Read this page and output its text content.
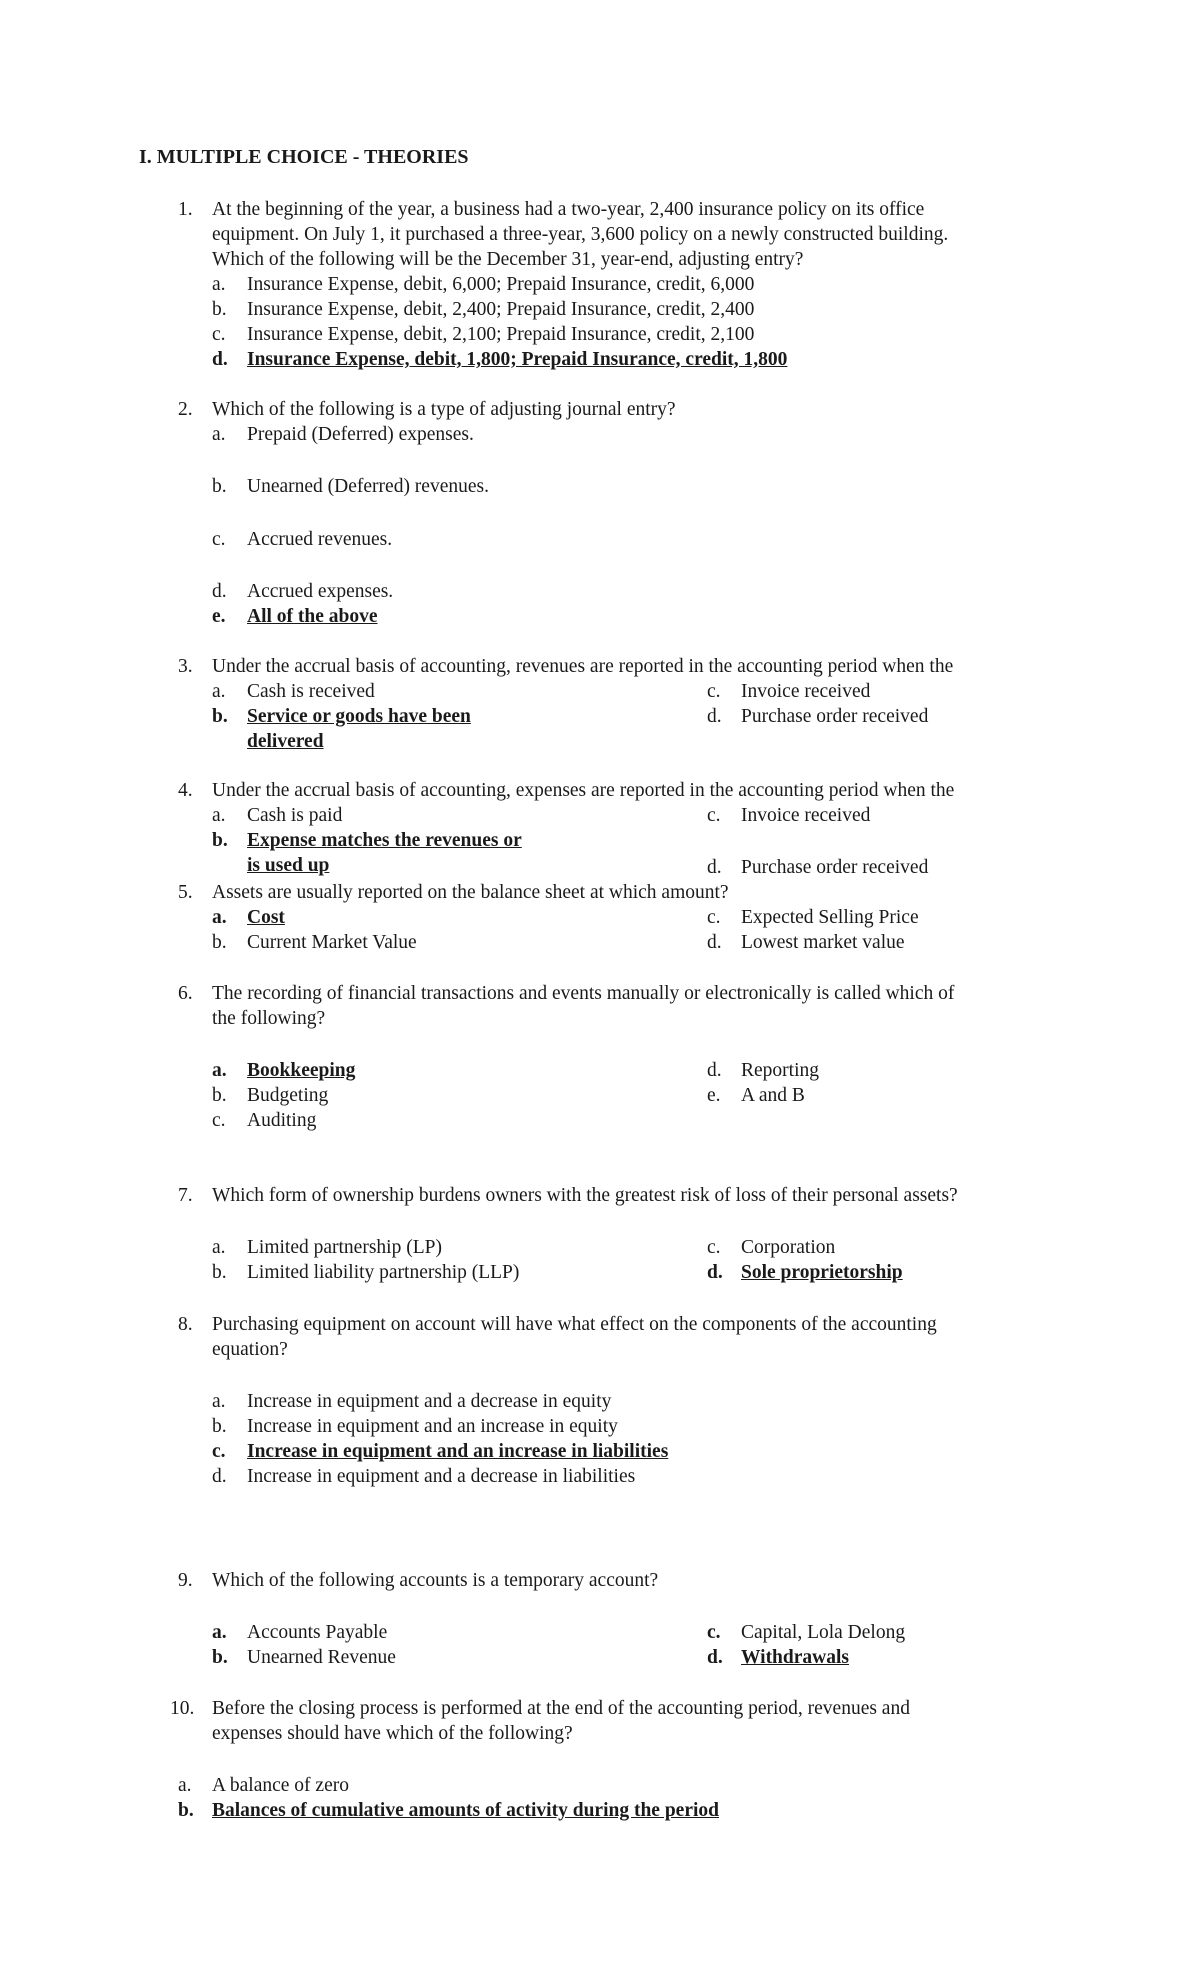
I. MULTIPLE CHOICE - THEORIES
1. At the beginning of the year, a business had a two-year, 2,400 insurance policy on its office
equipment. On July 1, it purchased a three-year, 3,600 policy on a newly constructed building.
Which of the following will be the December 31, year-end, adjusting entry?
a. Insurance Expense, debit, 6,000; Prepaid Insurance, credit, 6,000
b. Insurance Expense, debit, 2,400; Prepaid Insurance, credit, 2,400
c. Insurance Expense, debit, 2,100; Prepaid Insurance, credit, 2,100
d. Insurance Expense, debit, 1,800; Prepaid Insurance, credit, 1,800
2. Which of the following is a type of adjusting journal entry?
a. Prepaid (Deferred) expenses.
b. Unearned (Deferred) revenues.
c. Accrued revenues.
d. Accrued expenses.
e. All of the above
3. Under the accrual basis of accounting, revenues are reported in the accounting period when the
a. Cash is received	c. Invoice received
b. Service or goods have been	d. Purchase order received
delivered
4. Under the accrual basis of accounting, expenses are reported in the accounting period when the
a. Cash is paid	c. Invoice received
b. Expense matches the revenues or
is used up	d. Purchase order received
5. Assets are usually reported on the balance sheet at which amount?
a. Cost	c. Expected Selling Price
b. Current Market Value	d. Lowest market value
6. The recording of financial transactions and events manually or electronically is called which of
the following?
a. Bookkeeping	d. Reporting
b. Budgeting	e. A and B
c. Auditing
7. Which form of ownership burdens owners with the greatest risk of loss of their personal assets?
a. Limited partnership (LP)	c. Corporation
b. Limited liability partnership (LLP)	d. Sole proprietorship
8. Purchasing equipment on account will have what effect on the components of the accounting
equation?
a. Increase in equipment and a decrease in equity
b. Increase in equipment and an increase in equity
c. Increase in equipment and an increase in liabilities
d. Increase in equipment and a decrease in liabilities
9. Which of the following accounts is a temporary account?
a. Accounts Payable	c. Capital, Lola Delong
b. Unearned Revenue	d. Withdrawals
10. Before the closing process is performed at the end of the accounting period, revenues and
expenses should have which of the following?
a. A balance of zero
b. Balances of cumulative amounts of activity during the period
